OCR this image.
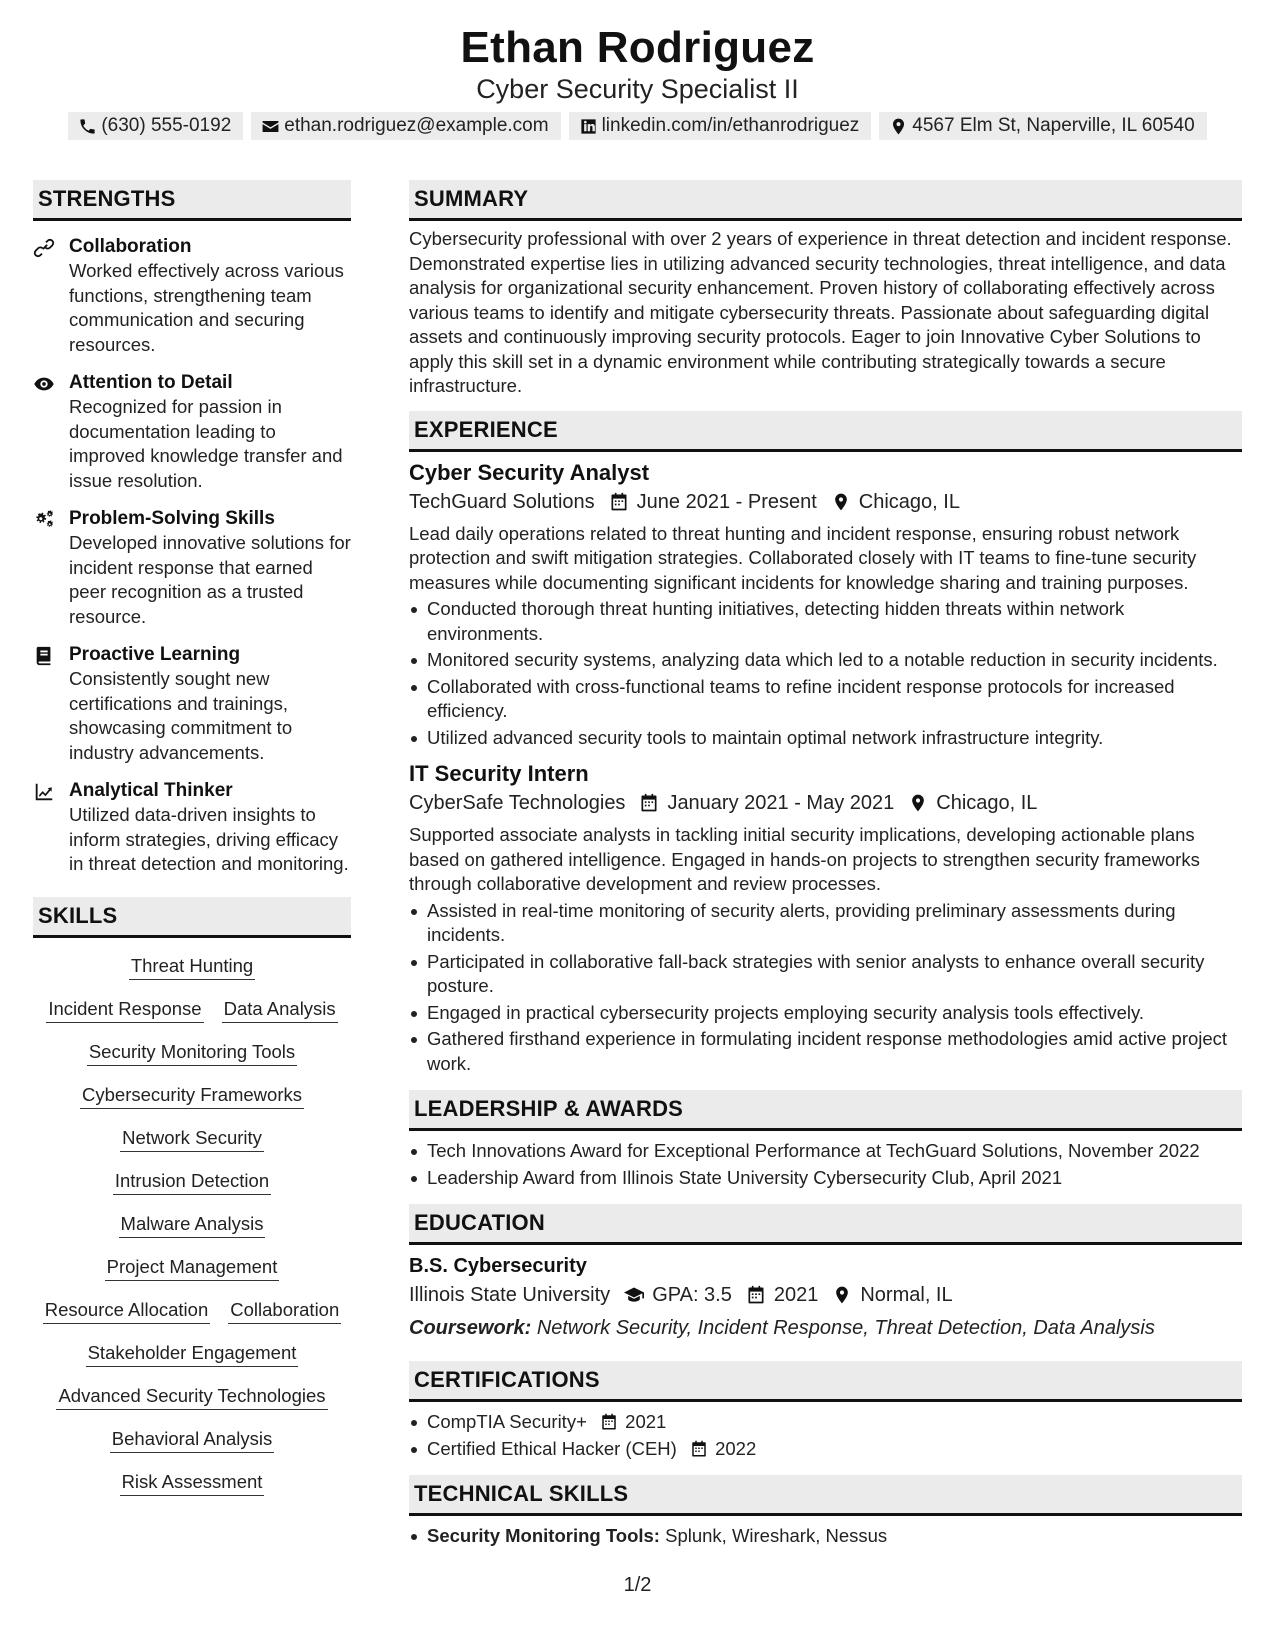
Ethan Rodriguez
Cyber Security Specialist II
(630) 555-0192	ethan.rodriguez@example.com	linkedin.com/in/ethanrodriguez	4567 Elm St, Naperville, IL 60540
STRENGTHS
Collaboration
Worked effectively across various functions, strengthening team communication and securing resources.
Attention to Detail
Recognized for passion in documentation leading to improved knowledge transfer and issue resolution.
Problem-Solving Skills
Developed innovative solutions for incident response that earned peer recognition as a trusted resource.
Proactive Learning
Consistently sought new certifications and trainings, showcasing commitment to industry advancements.
Analytical Thinker
Utilized data-driven insights to inform strategies, driving efficacy in threat detection and monitoring.
SKILLS
Threat Hunting
Incident Response Data Analysis
Security Monitoring Tools
Cybersecurity Frameworks
Network Security
Intrusion Detection
Malware Analysis
Project Management
Resource Allocation Collaboration
Stakeholder Engagement
Advanced Security Technologies
Behavioral Analysis
Risk Assessment
SUMMARY

Cybersecurity professional with over 2 years of experience in threat detection and incident response. Demonstrated expertise lies in utilizing advanced security technologies, threat intelligence, and data analysis for organizational security enhancement. Proven history of collaborating effectively across various teams to identify and mitigate cybersecurity threats. Passionate about safeguarding digital assets and continuously improving security protocols. Eager to join Innovative Cyber Solutions to apply this skill set in a dynamic environment while contributing strategically towards a secure infrastructure.

EXPERIENCE
Cyber Security Analyst
TechGuard Solutions June 2021 - Present Chicago, IL

Lead daily operations related to threat hunting and incident response, ensuring robust network protection and swift mitigation strategies. Collaborated closely with IT teams to fine-tune security measures while documenting significant incidents for knowledge sharing and training purposes.

Conducted thorough threat hunting initiatives, detecting hidden threats within network environments.
Monitored security systems, analyzing data which led to a notable reduction in security incidents.
Collaborated with cross-functional teams to refine incident response protocols for increased efficiency.
Utilized advanced security tools to maintain optimal network infrastructure integrity.
IT Security Intern
CyberSafe Technologies January 2021 - May 2021 Chicago, IL

Supported associate analysts in tackling initial security implications, developing actionable plans based on gathered intelligence. Engaged in hands-on projects to strengthen security frameworks through collaborative development and review processes.

Assisted in real-time monitoring of security alerts, providing preliminary assessments during incidents.
Participated in collaborative fall-back strategies with senior analysts to enhance overall security posture.
Engaged in practical cybersecurity projects employing security analysis tools effectively.
Gathered firsthand experience in formulating incident response methodologies amid active project work.
LEADERSHIP & AWARDS
Tech Innovations Award for Exceptional Performance at TechGuard Solutions, November 2022
Leadership Award from Illinois State University Cybersecurity Club, April 2021
EDUCATION
B.S. Cybersecurity
Illinois State University GPA: 3.5 2021 Normal, IL
Coursework: Network Security, Incident Response, Threat Detection, Data Analysis
CERTIFICATIONS
CompTIA Security+ 2021
Certified Ethical Hacker (CEH) 2022
TECHNICAL SKILLS
Security Monitoring Tools: Splunk, Wireshark, Nessus
1/2
